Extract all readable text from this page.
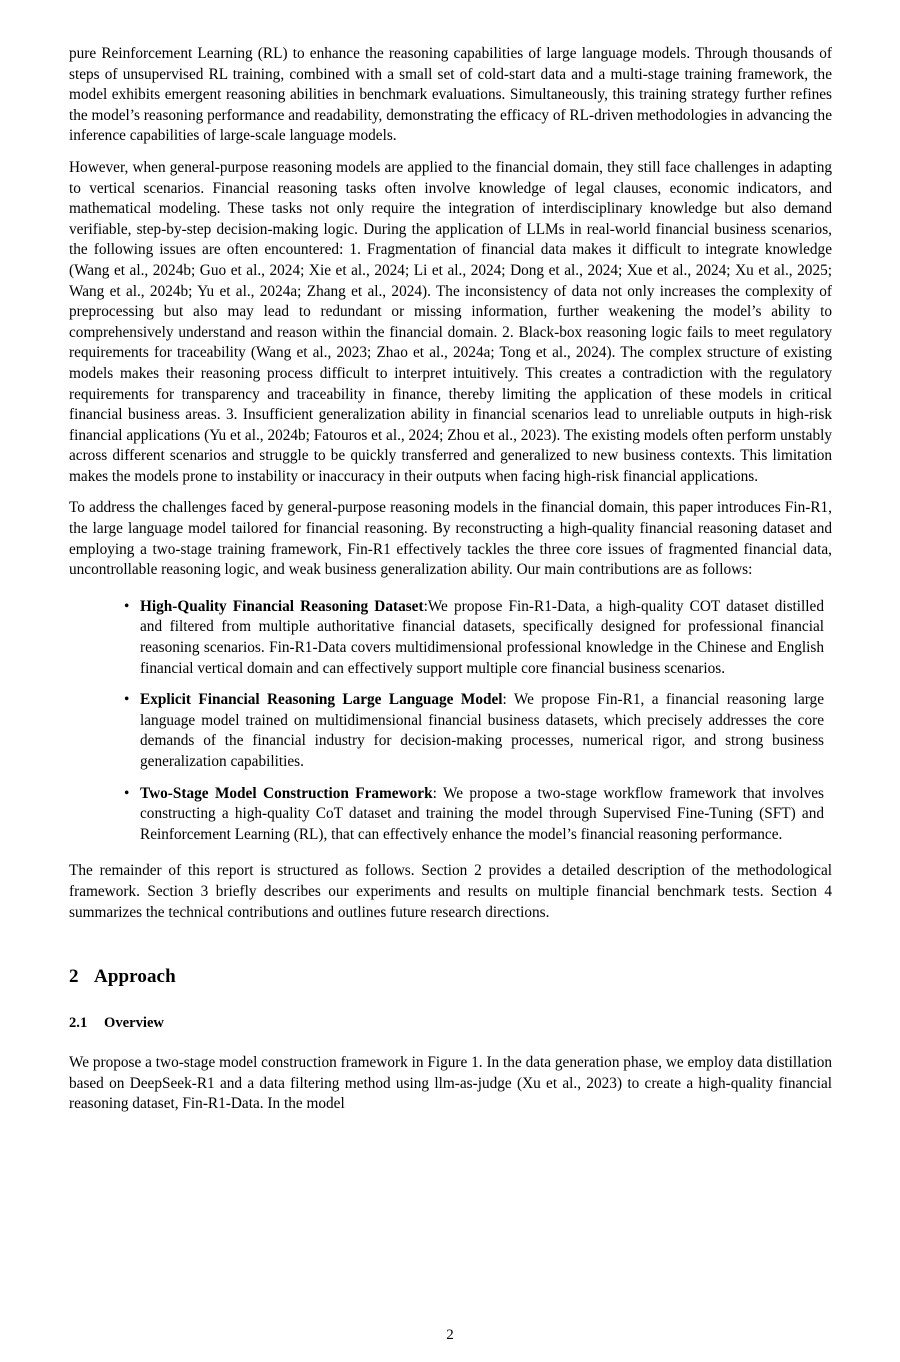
pure Reinforcement Learning (RL) to enhance the reasoning capabilities of large language models. Through thousands of steps of unsupervised RL training, combined with a small set of cold-start data and a multi-stage training framework, the model exhibits emergent reasoning abilities in benchmark evaluations. Simultaneously, this training strategy further refines the model’s reasoning performance and readability, demonstrating the efficacy of RL-driven methodologies in advancing the inference capabilities of large-scale language models.

However, when general-purpose reasoning models are applied to the financial domain, they still face challenges in adapting to vertical scenarios. Financial reasoning tasks often involve knowledge of legal clauses, economic indicators, and mathematical modeling. These tasks not only require the integration of interdisciplinary knowledge but also demand verifiable, step-by-step decision-making logic. During the application of LLMs in real-world financial business scenarios, the following issues are often encountered: 1. Fragmentation of financial data makes it difficult to integrate knowledge (Wang et al., 2024b; Guo et al., 2024; Xie et al., 2024; Li et al., 2024; Dong et al., 2024; Xue et al., 2024; Xu et al., 2025; Wang et al., 2024b; Yu et al., 2024a; Zhang et al., 2024). The inconsistency of data not only increases the complexity of preprocessing but also may lead to redundant or missing information, further weakening the model’s ability to comprehensively understand and reason within the financial domain. 2. Black-box reasoning logic fails to meet regulatory requirements for traceability (Wang et al., 2023; Zhao et al., 2024a; Tong et al., 2024). The complex structure of existing models makes their reasoning process difficult to interpret intuitively. This creates a contradiction with the regulatory requirements for transparency and traceability in finance, thereby limiting the application of these models in critical financial business areas. 3. Insufficient generalization ability in financial scenarios lead to unreliable outputs in high-risk financial applications (Yu et al., 2024b; Fatouros et al., 2024; Zhou et al., 2023). The existing models often perform unstably across different scenarios and struggle to be quickly transferred and generalized to new business contexts. This limitation makes the models prone to instability or inaccuracy in their outputs when facing high-risk financial applications.

To address the challenges faced by general-purpose reasoning models in the financial domain, this paper introduces Fin-R1, the large language model tailored for financial reasoning. By reconstructing a high-quality financial reasoning dataset and employing a two-stage training framework, Fin-R1 effectively tackles the three core issues of fragmented financial data, uncontrollable reasoning logic, and weak business generalization ability. Our main contributions are as follows:

• High-Quality Financial Reasoning Dataset:We propose Fin-R1-Data, a high-quality COT dataset distilled and filtered from multiple authoritative financial datasets, specifically designed for professional financial reasoning scenarios. Fin-R1-Data covers multidimensional professional knowledge in the Chinese and English financial vertical domain and can effectively support multiple core financial business scenarios.
• Explicit Financial Reasoning Large Language Model: We propose Fin-R1, a financial reasoning large language model trained on multidimensional financial business datasets, which precisely addresses the core demands of the financial industry for decision-making processes, numerical rigor, and strong business generalization capabilities.
• Two-Stage Model Construction Framework: We propose a two-stage workflow framework that involves constructing a high-quality CoT dataset and training the model through Supervised Fine-Tuning (SFT) and Reinforcement Learning (RL), that can effectively enhance the model’s financial reasoning performance.

The remainder of this report is structured as follows. Section 2 provides a detailed description of the methodological framework. Section 3 briefly describes our experiments and results on multiple financial benchmark tests. Section 4 summarizes the technical contributions and outlines future research directions.

2 Approach
2.1 Overview

We propose a two-stage model construction framework in Figure 1. In the data generation phase, we employ data distillation based on DeepSeek-R1 and a data filtering method using llm-as-judge (Xu et al., 2023) to create a high-quality financial reasoning dataset, Fin-R1-Data. In the model

2
